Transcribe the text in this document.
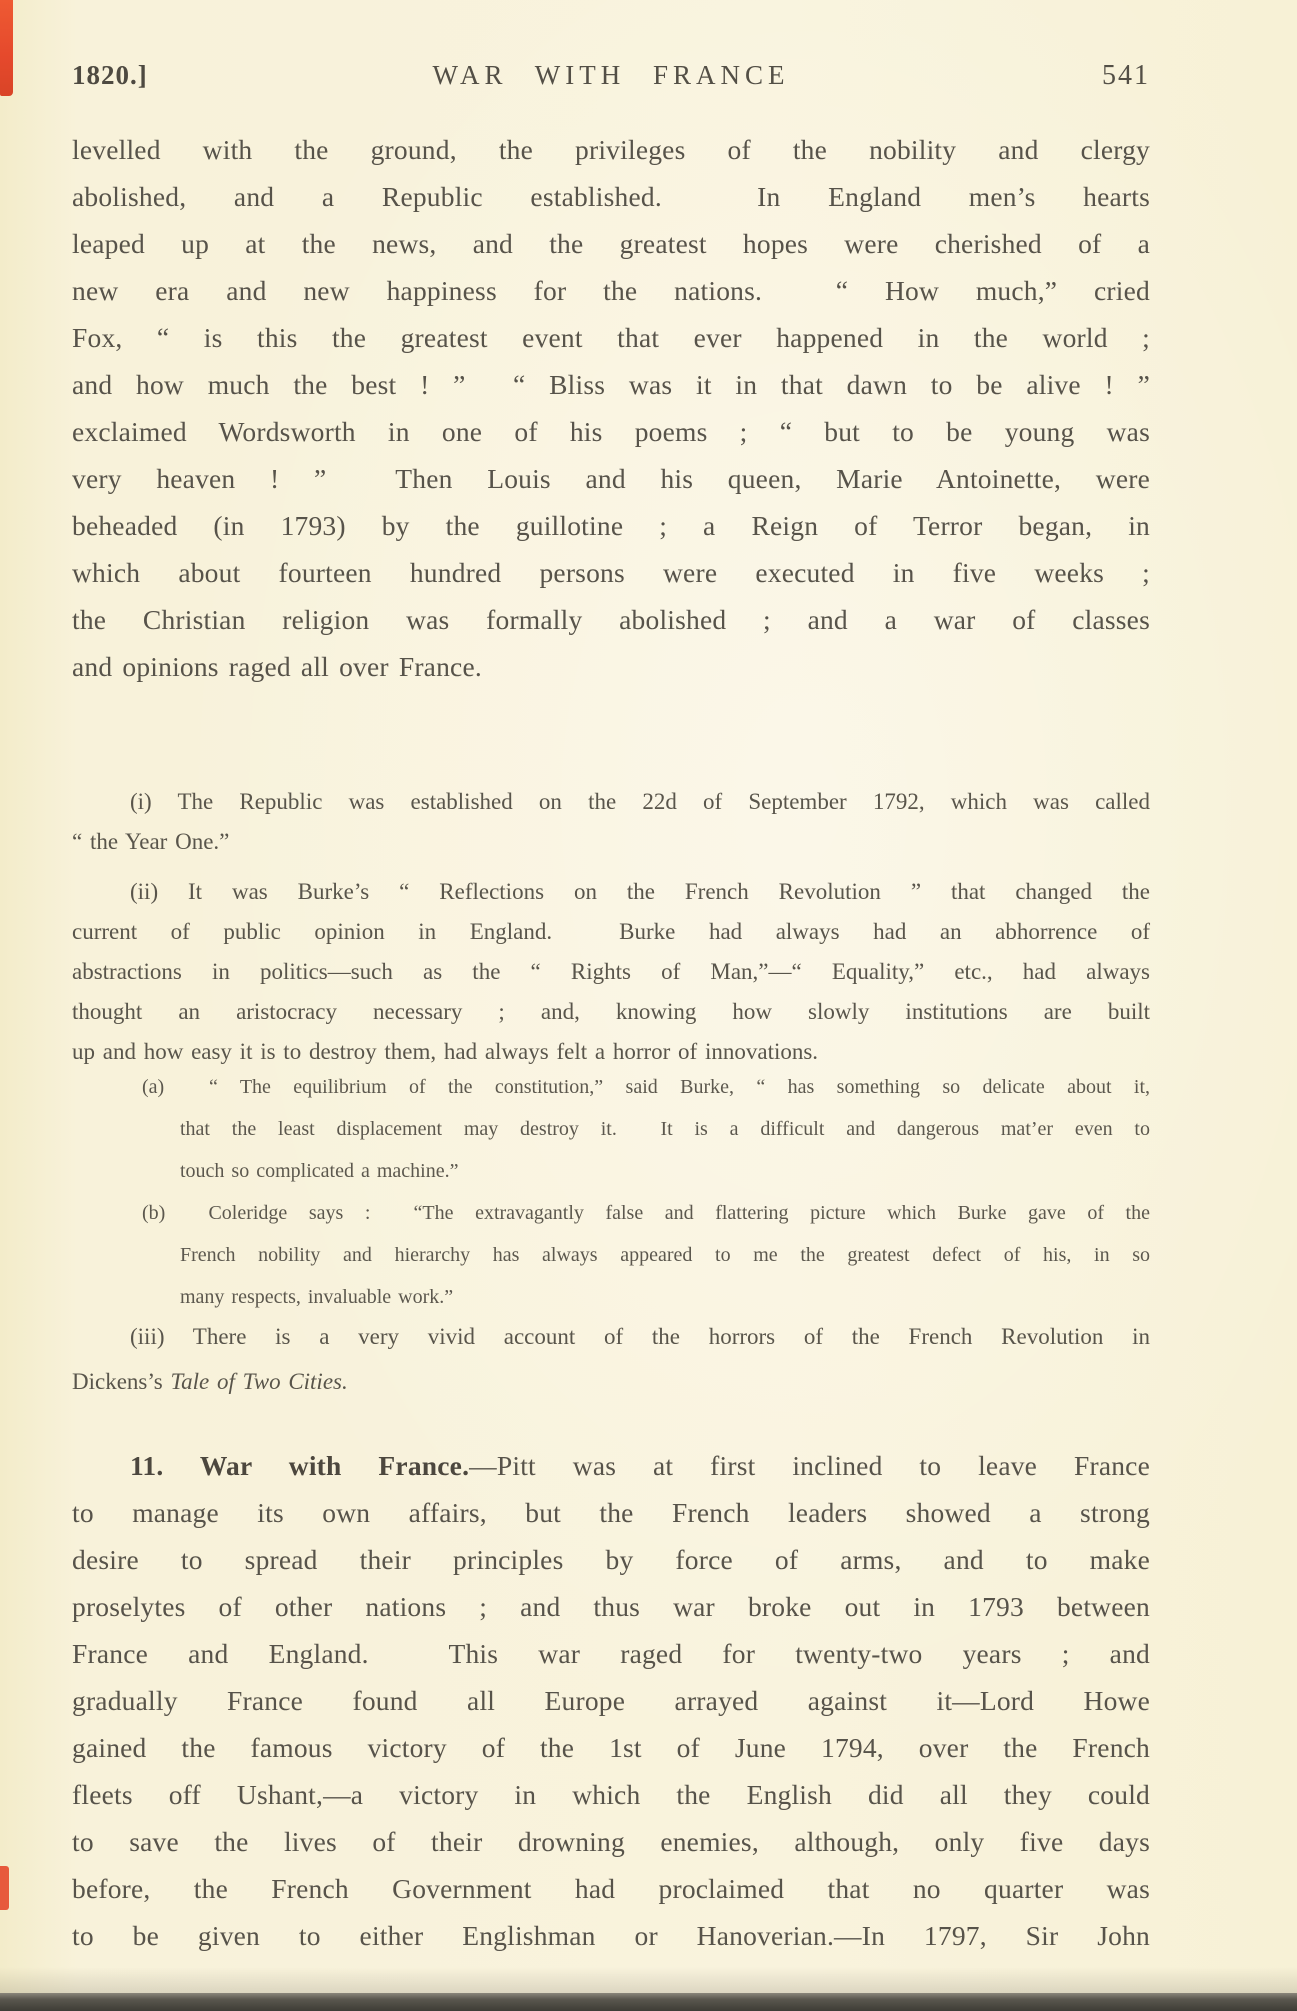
1820.]	WAR WITH FRANCE	541
levelled with the ground, the privileges of the nobility and clergy
abolished, and a Republic established.  In England men’s hearts
leaped up at the news, and the greatest hopes were cherished of a
new era and new happiness for the nations.  “ How much,” cried
Fox, “ is this the greatest event that ever happened in the world ;
and how much the best ! ”  “ Bliss was it in that dawn to be alive ! ”
exclaimed Wordsworth in one of his poems ; “ but to be young was
very heaven ! ”  Then Louis and his queen, Marie Antoinette, were
beheaded (in 1793) by the guillotine ; a Reign of Terror began, in
which about fourteen hundred persons were executed in five weeks ;
the Christian religion was formally abolished ; and a war of classes
and opinions raged all over France.
(i) The Republic was established on the 22d of September 1792, which was called
“ the Year One.”
(ii) It was Burke’s “ Reflections on the French Revolution ” that changed the
current of public opinion in England.  Burke had always had an abhorrence of
abstractions in politics—such as the “ Rights of Man,”—“ Equality,” etc., had always
thought an aristocracy necessary ; and, knowing how slowly institutions are built
up and how easy it is to destroy them, had always felt a horror of innovations.
(a)  “ The equilibrium of the constitution,” said Burke, “ has something so delicate about it,
that the least displacement may destroy it.  It is a difficult and dangerous mat’er even to
touch so complicated a machine.”
(b)  Coleridge says :  “The extravagantly false and flattering picture which Burke gave of the
French nobility and hierarchy has always appeared to me the greatest defect of his, in so
many respects, invaluable work.”
(iii) There is a very vivid account of the horrors of the French Revolution in
Dickens’s Tale of Two Cities.
11. War with France.—Pitt was at first inclined to leave France
to manage its own affairs, but the French leaders showed a strong
desire to spread their principles by force of arms, and to make
proselytes of other nations ; and thus war broke out in 1793 between
France and England.  This war raged for twenty-two years ; and
gradually France found all Europe arrayed against it—Lord Howe
gained the famous victory of the 1st of June 1794, over the French
fleets off Ushant,—a victory in which the English did all they could
to save the lives of their drowning enemies, although, only five days
before, the French Government had proclaimed that no quarter was
to be given to either Englishman or Hanoverian.—In 1797, Sir John
